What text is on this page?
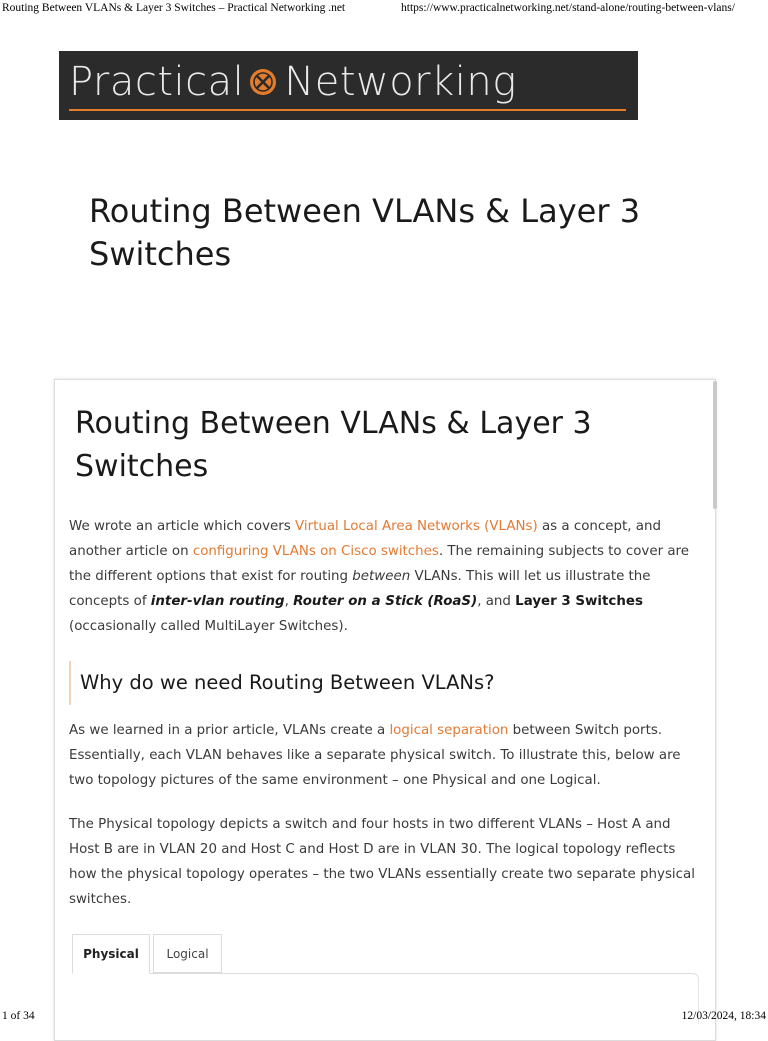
Routing Between VLANs & Layer 3 Switches – Practical Networking .net	https://www.practicalnetworking.net/stand-alone/routing-between-vlans/
Practical Networking
Routing Between VLANs & Layer 3 Switches
Routing Between VLANs & Layer 3 Switches

We wrote an article which covers Virtual Local Area Networks (VLANs) as a concept, and another article on configuring VLANs on Cisco switches. The remaining subjects to cover are the different options that exist for routing between VLANs. This will let us illustrate the concepts of inter-vlan routing, Router on a Stick (RoaS), and Layer 3 Switches (occasionally called MultiLayer Switches).

Why do we need Routing Between VLANs?

As we learned in a prior article, VLANs create a logical separation between Switch ports. Essentially, each VLAN behaves like a separate physical switch. To illustrate this, below are two topology pictures of the same environment – one Physical and one Logical.

The Physical topology depicts a switch and four hosts in two different VLANs – Host A and Host B are in VLAN 20 and Host C and Host D are in VLAN 30. The logical topology reflects how the physical topology operates – the two VLANs essentially create two separate physical switches.

Physical	Logical
1 of 34	12/03/2024, 18:34
